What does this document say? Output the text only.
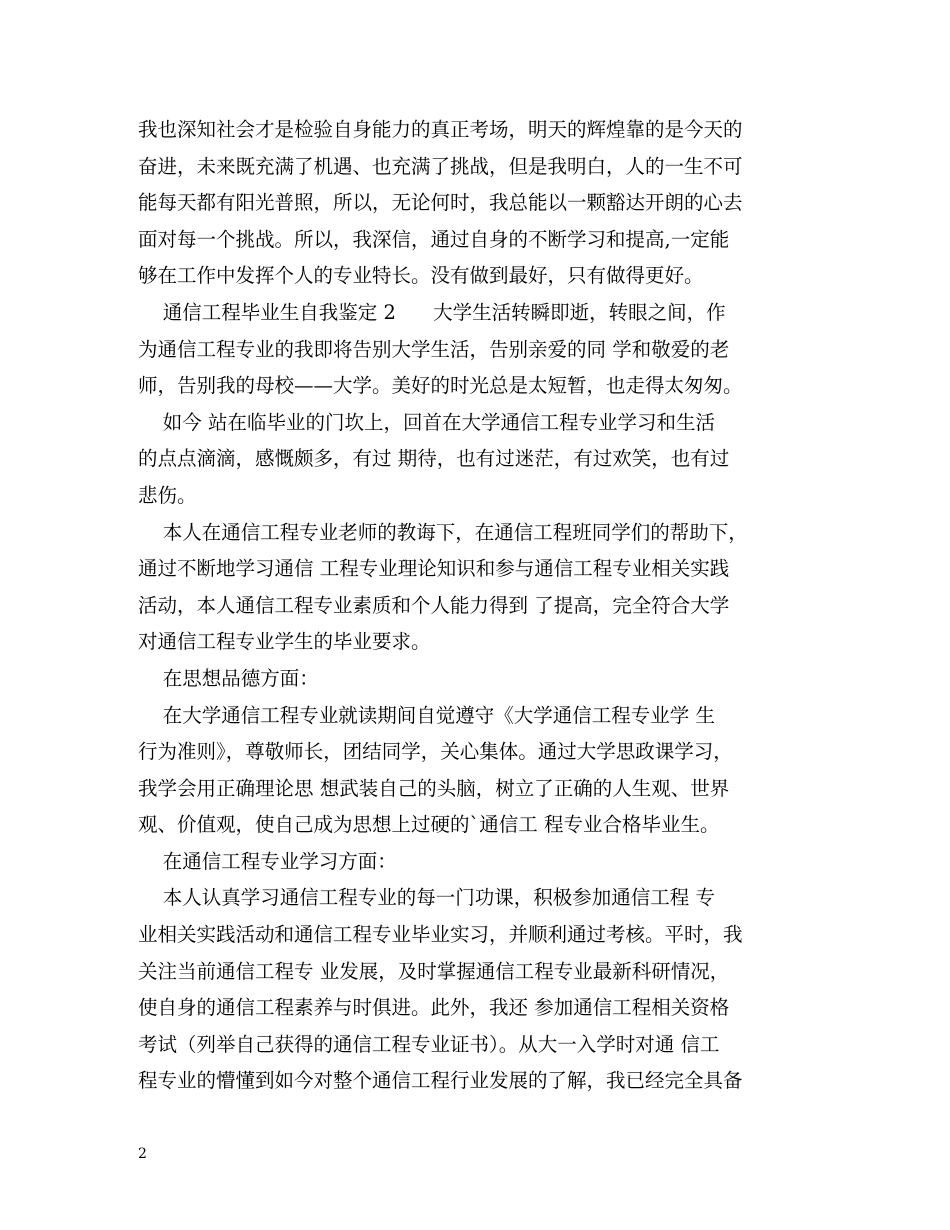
我也深知社会才是检验自身能力的真正考场，明天的辉煌靠的是今天的
奋进，未来既充满了机遇、也充满了挑战，但是我明白，人的一生不可
能每天都有阳光普照，所以，无论何时，我总能以一颗豁达开朗的心去
面对每一个挑战。所以，我深信，通过自身的不断学习和提高,一定能
够在工作中发挥个人的专业特长。没有做到最好，只有做得更好。
通信工程毕业生自我鉴定 2      大学生活转瞬即逝，转眼之间，作
为通信工程专业的我即将告别大学生活，告别亲爱的同 学和敬爱的老
师，告别我的母校——大学。美好的时光总是太短暂，也走得太匆匆。
如今 站在临毕业的门坎上，回首在大学通信工程专业学习和生活
的点点滴滴，感慨颇多，有过 期待，也有过迷茫，有过欢笑，也有过
悲伤。
本人在通信工程专业老师的教诲下，在通信工程班同学们的帮助下，
通过不断地学习通信 工程专业理论知识和参与通信工程专业相关实践
活动，本人通信工程专业素质和个人能力得到 了提高，完全符合大学
对通信工程专业学生的毕业要求。
在思想品德方面：
在大学通信工程专业就读期间自觉遵守《大学通信工程专业学 生
行为准则》，尊敬师长，团结同学，关心集体。通过大学思政课学习，
我学会用正确理论思 想武装自己的头脑，树立了正确的人生观、世界
观、价值观，使自己成为思想上过硬的`通信工 程专业合格毕业生。
在通信工程专业学习方面：
本人认真学习通信工程专业的每一门功课，积极参加通信工程 专
业相关实践活动和通信工程专业毕业实习，并顺利通过考核。平时，我
关注当前通信工程专 业发展，及时掌握通信工程专业最新科研情况，
使自身的通信工程素养与时俱进。此外，我还 参加通信工程相关资格
考试（列举自己获得的通信工程专业证书）。从大一入学时对通 信工
程专业的懵懂到如今对整个通信工程行业发展的了解，我已经完全具备
2
